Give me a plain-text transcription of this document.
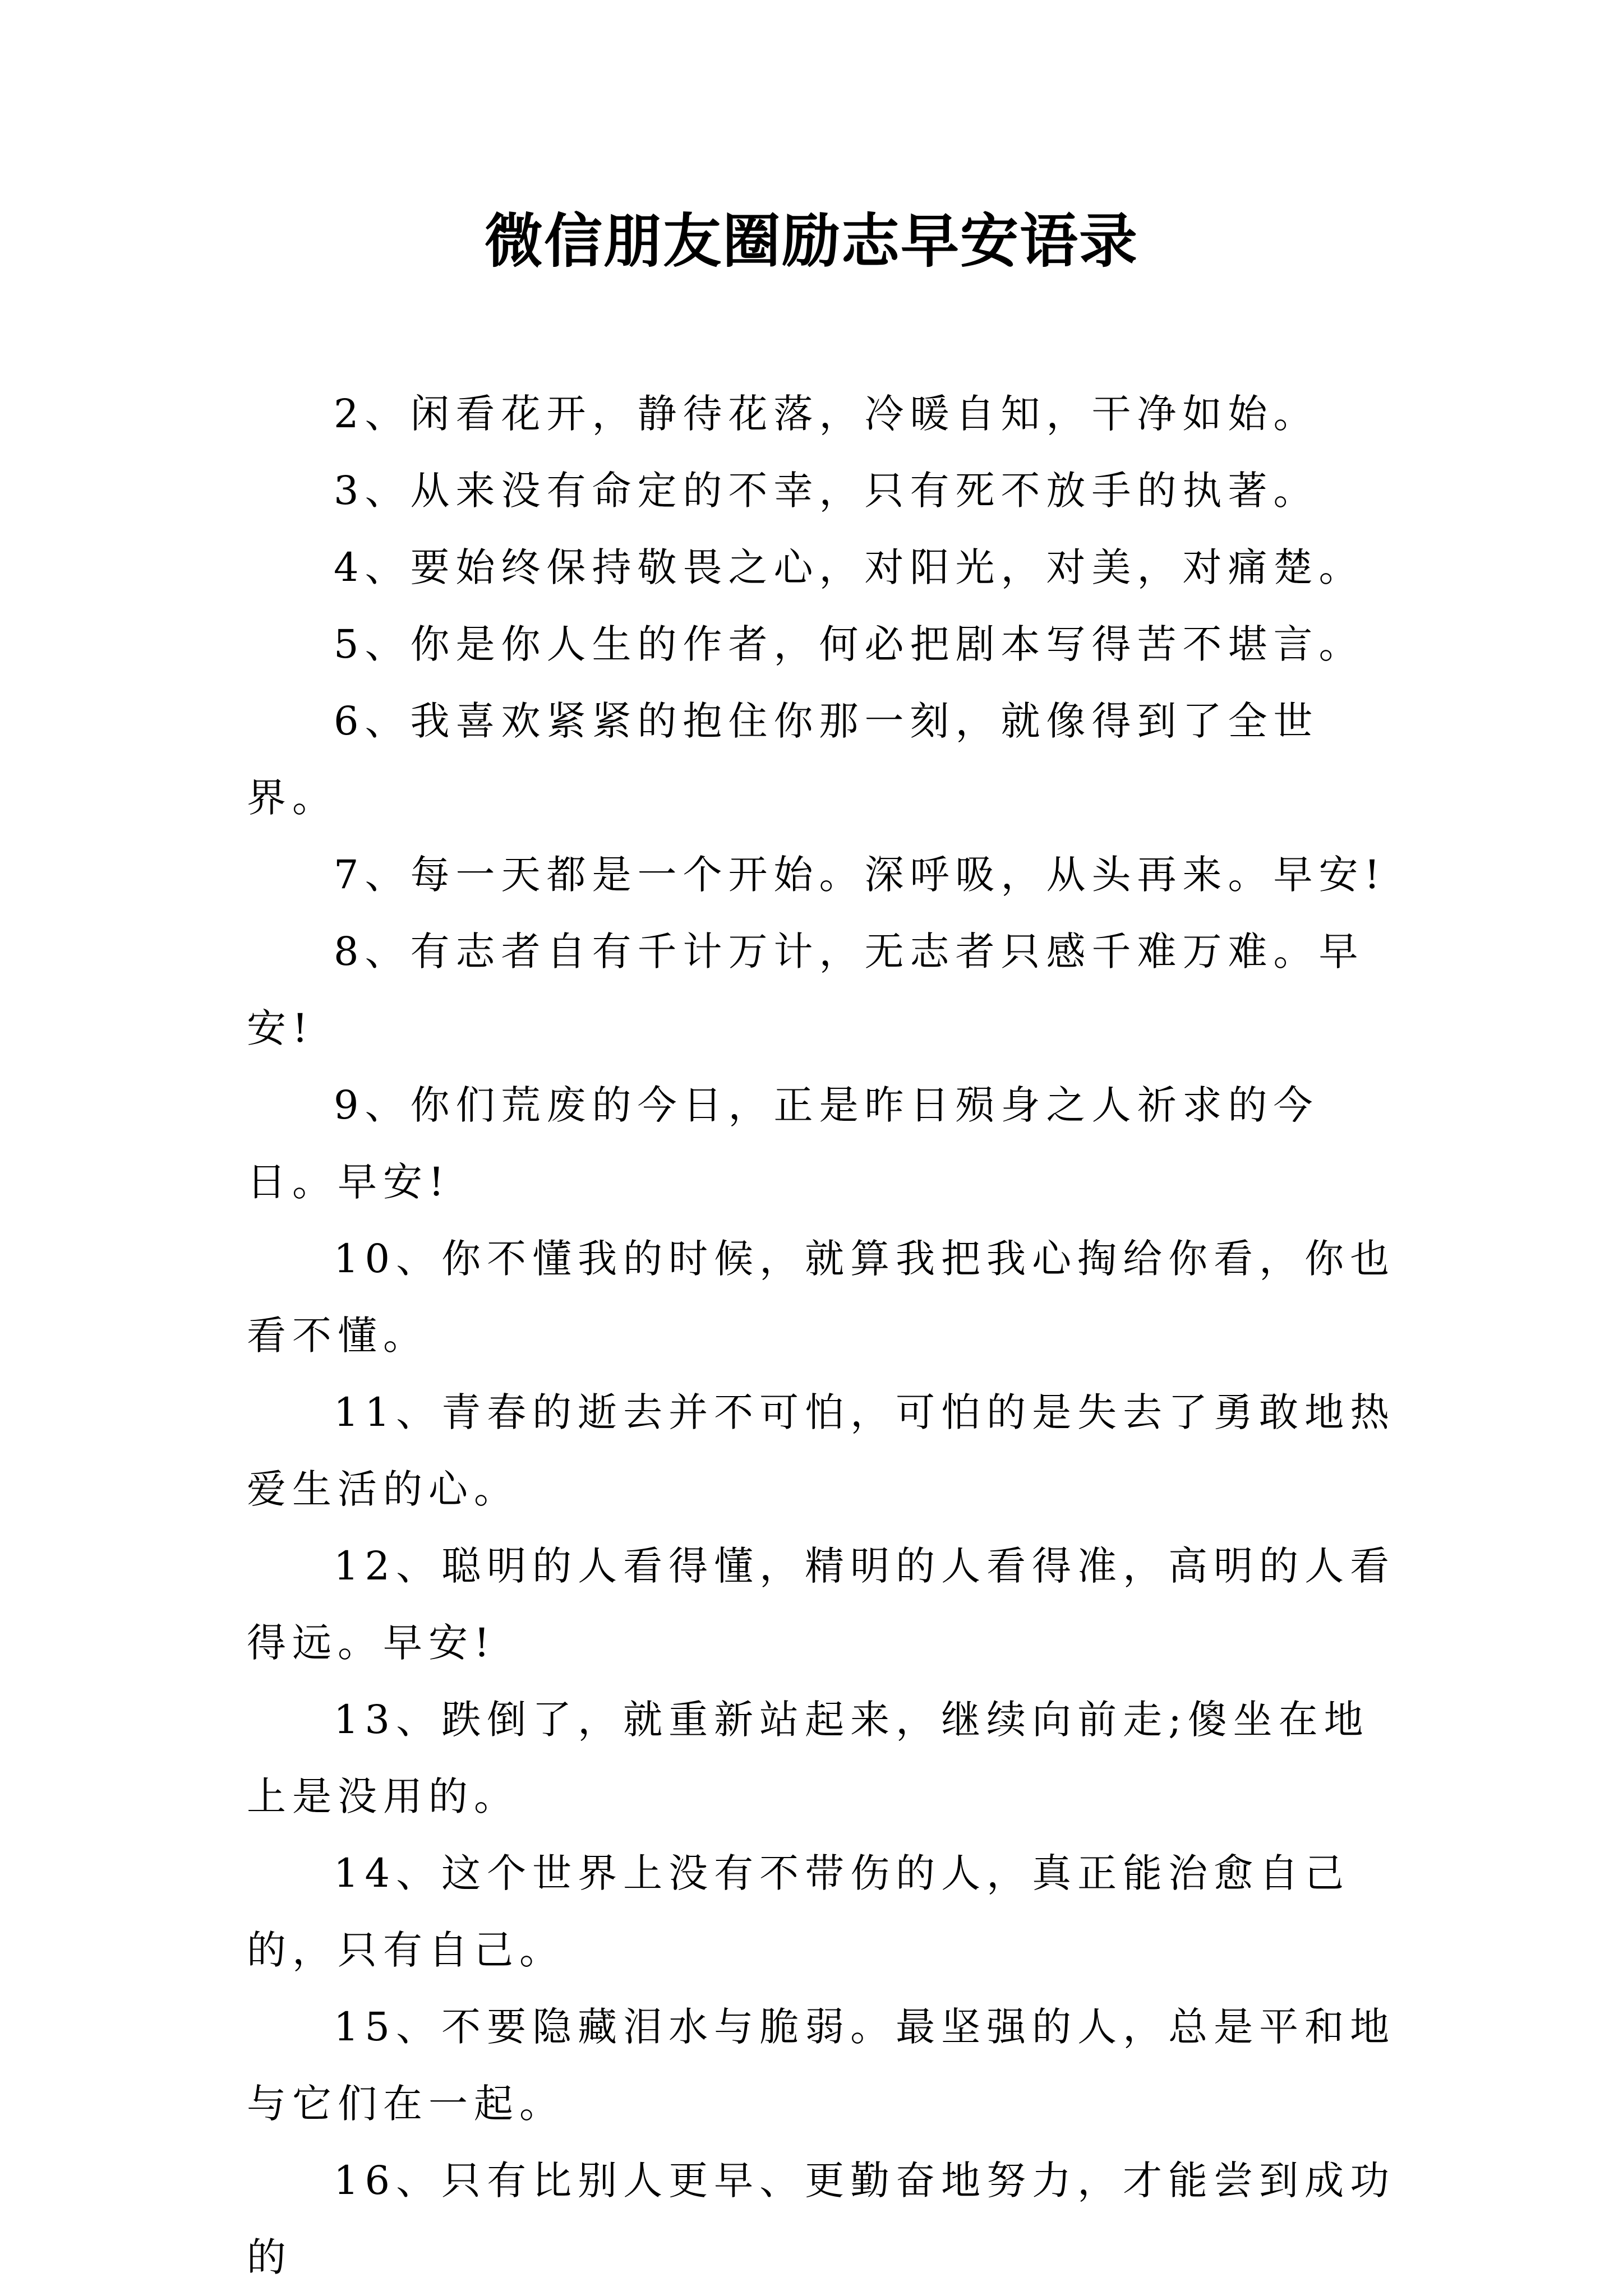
微信朋友圈励志早安语录

2、闲看花开，静待花落，冷暖自知，干净如始。

3、从来没有命定的不幸，只有死不放手的执著。

4、要始终保持敬畏之心，对阳光，对美，对痛楚。

5、你是你人生的作者，何必把剧本写得苦不堪言。

6、我喜欢紧紧的抱住你那一刻，就像得到了全世界。

7、每一天都是一个开始。深呼吸，从头再来。早安!

8、有志者自有千计万计，无志者只感千难万难。早安!

9、你们荒废的今日，正是昨日殒身之人祈求的今日。早安!

10、你不懂我的时候，就算我把我心掏给你看，你也看不懂。

11、青春的逝去并不可怕，可怕的是失去了勇敢地热爱生活的心。

12、聪明的人看得懂，精明的人看得准，高明的人看得远。早安!

13、跌倒了，就重新站起来，继续向前走;傻坐在地上是没用的。

14、这个世界上没有不带伤的人，真正能治愈自己的，只有自己。

15、不要隐藏泪水与脆弱。最坚强的人，总是平和地与它们在一起。

16、只有比别人更早、更勤奋地努力，才能尝到成功的
